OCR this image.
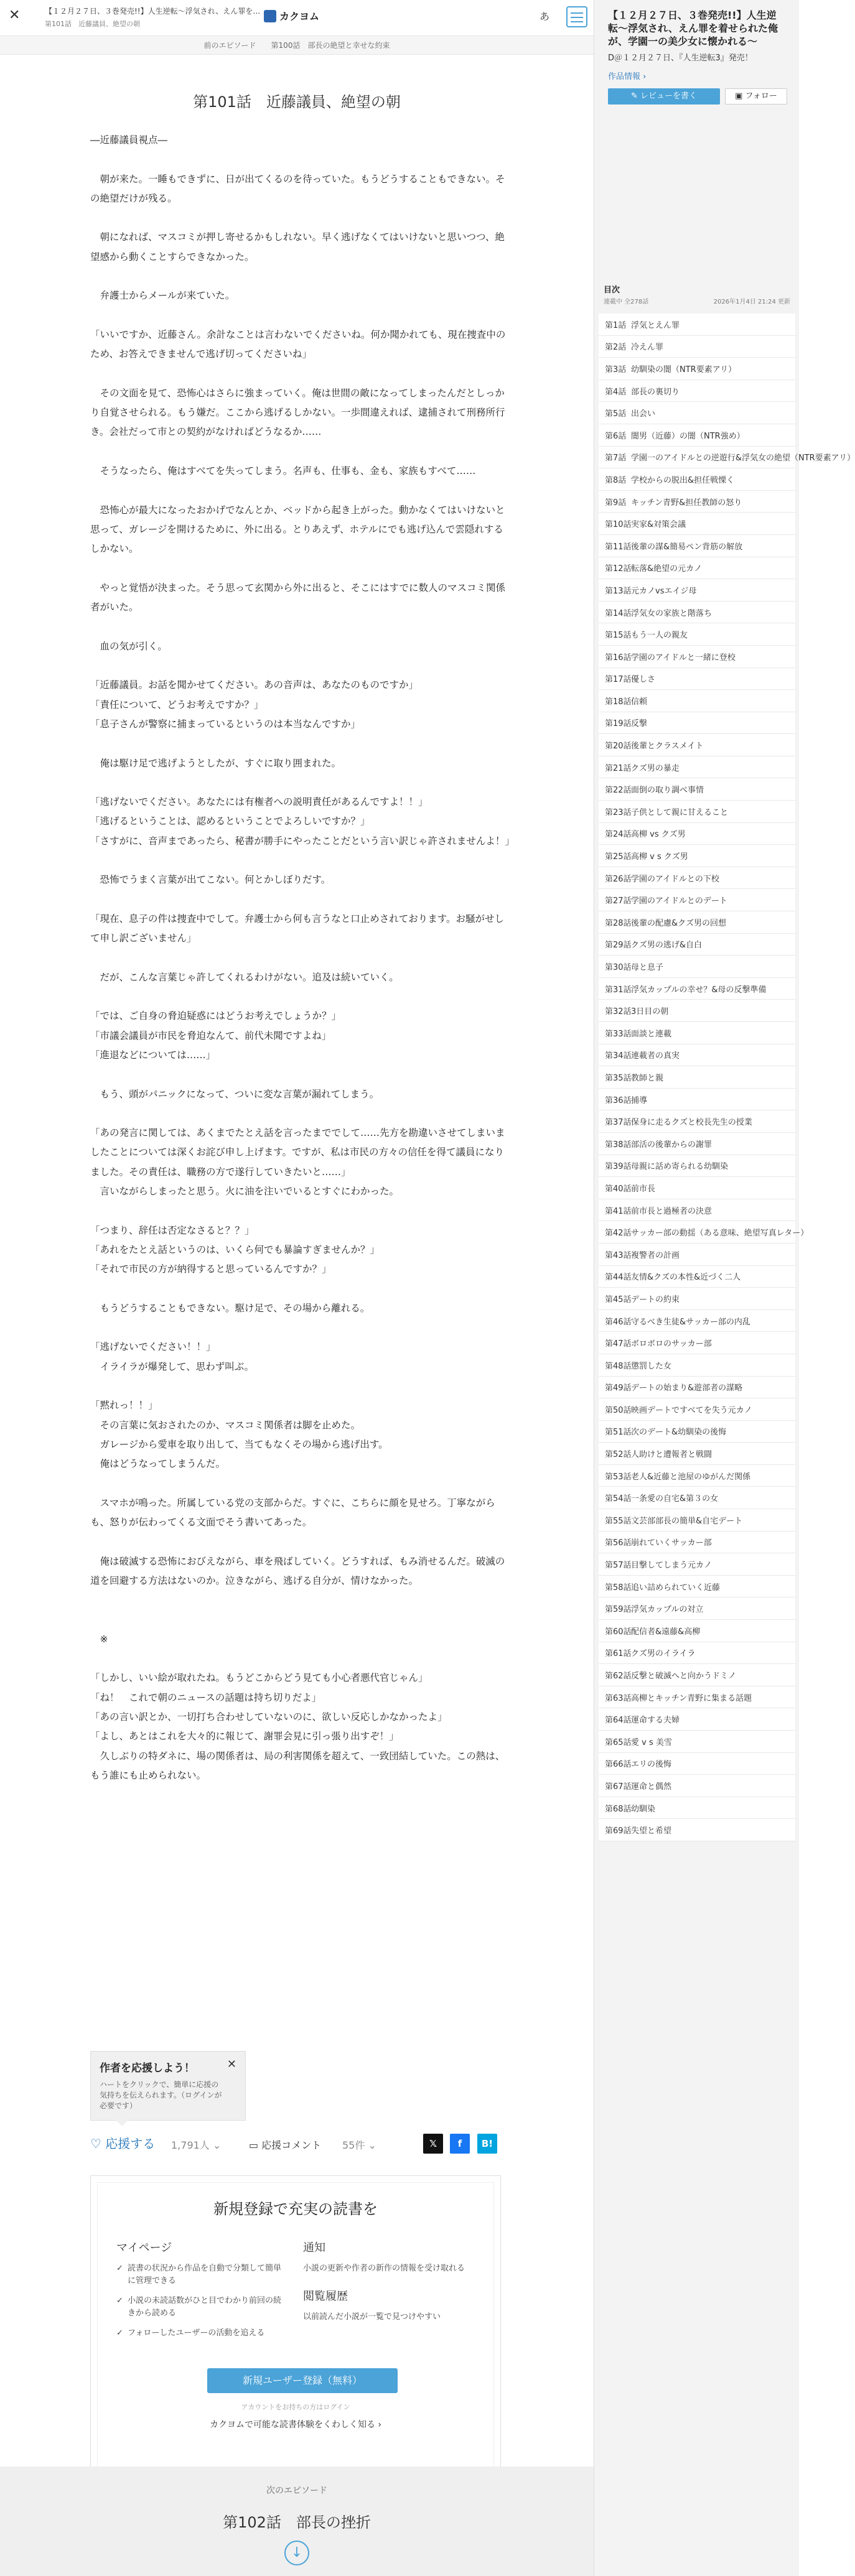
✕	【１２月２７日、３巻発売!!】人生逆転〜浮気され、えん罪を…
第101話　近藤議員、絶望の朝
カクヨム	あ
前のエピソード 第100話　部長の絶望と幸せな約束
第101話　近藤議員、絶望の朝

―近藤議員視点―

　朝が来た。一睡もできずに、日が出てくるのを待っていた。もうどうすることもできない。その絶望だけが残る。

　朝になれば、マスコミが押し寄せるかもしれない。早く逃げなくてはいけないと思いつつ、絶望感から動くことすらできなかった。

　弁護士からメールが来ていた。

「いいですか、近藤さん。余計なことは言わないでくださいね。何か聞かれても、現在捜査中のため、お答えできませんで逃げ切ってくださいね」

　その文面を見て、恐怖心はさらに強まっていく。俺は世間の敵になってしまったんだとしっかり自覚させられる。もう嫌だ。ここから逃げるしかない。一歩間違えれば、逮捕されて刑務所行き。会社だって市との契約がなければどうなるか……

　そうなったら、俺はすべてを失ってしまう。名声も、仕事も、金も、家族もすべて……

　恐怖心が最大になったおかげでなんとか、ベッドから起き上がった。動かなくてはいけないと思って、ガレージを開けるために、外に出る。とりあえず、ホテルにでも逃げ込んで雲隠れするしかない。

　やっと覚悟が決まった。そう思って玄関から外に出ると、そこにはすでに数人のマスコミ関係者がいた。

　血の気が引く。

「近藤議員。お話を聞かせてください。あの音声は、あなたのものですか」

「責任について、どうお考えですか？」

「息子さんが警察に捕まっているというのは本当なんですか」

　俺は駆け足で逃げようとしたが、すぐに取り囲まれた。

「逃げないでください。あなたには有権者への説明責任があるんですよ！！」

「逃げるということは、認めるということでよろしいですか？」

「さすがに、音声まであったら、秘書が勝手にやったことだという言い訳じゃ許されませんよ！」

　恐怖でうまく言葉が出てこない。何とかしぼりだす。

「現在、息子の件は捜査中でして。弁護士から何も言うなと口止めされております。お騒がせして申し訳ございません」

　だが、こんな言葉じゃ許してくれるわけがない。追及は続いていく。

「では、ご自身の脅迫疑惑にはどうお考えでしょうか？」

「市議会議員が市民を脅迫なんて、前代未聞ですよね」

「進退などについては……」

　もう、頭がパニックになって、ついに変な言葉が漏れてしまう。

「あの発言に関しては、あくまでたとえ話を言ったまででして……先方を勘違いさせてしまいましたことについては深くお詫び申し上げます。ですが、私は市民の方々の信任を得て議員になりました。その責任は、職務の方で遂行していきたいと……」

　言いながらしまったと思う。火に油を注いでいるとすぐにわかった。

「つまり、辞任は否定なさると？？」

「あれをたとえ話というのは、いくら何でも暴論すぎませんか？」

「それで市民の方が納得すると思っているんですか？」

　もうどうすることもできない。駆け足で、その場から離れる。

「逃げないでください！！」

　イライラが爆発して、思わず叫ぶ。

「黙れっ！！」

　その言葉に気おされたのか、マスコミ関係者は脚を止めた。

　ガレージから愛車を取り出して、当てもなくその場から逃げ出す。

　俺はどうなってしまうんだ。

　スマホが鳴った。所属している党の支部からだ。すぐに、こちらに顔を見せろ。丁寧ながらも、怒りが伝わってくる文面でそう書いてあった。

　俺は破滅する恐怖におびえながら、車を飛ばしていく。どうすれば、もみ消せるんだ。破滅の道を回避する方法はないのか。泣きながら、逃げる自分が、情けなかった。

　※

「しかし、いい絵が取れたね。もうどこからどう見ても小心者悪代官じゃん」

「ね！　これで朝のニュースの話題は持ち切りだよ」

「あの言い訳とか、一切打ち合わせしていないのに、欲しい反応しかなかったよ」

「よし、あとはこれを大々的に報じて、謝罪会見に引っ張り出すぞ！」

　久しぶりの特ダネに、場の関係者は、局の利害関係を超えて、一致団結していた。この熱は、もう誰にも止められない。

作者を応援しよう！

ハートをクリックで、簡単に応援の気持ちを伝えられます。（ログインが必要です）

✕
♡ 応援する 1,791人 ⌄	▭ 応援コメント 55件 ⌄	𝕏	f	B!
新規登録で充実の読書を
マイページ
✓ 読書の状況から作品を自動で分類して簡単に管理できる
✓ 小説の未読話数がひと目でわかり前回の続きから読める
✓ フォローしたユーザーの活動を追える
通知

小説の更新や作者の新作の情報を受け取れる

閲覧履歴

以前読んだ小説が一覧で見つけやすい

新規ユーザー登録（無料）
アカウントをお持ちの方はログイン
カクヨムで可能な読書体験をくわしく知る ›
次のエピソード
第102話　部長の挫折
↓
【１２月２７日、３巻発売!!】人生逆転〜浮気され、えん罪を着せられた俺が、学園一の美少女に懐かれる〜
D＠１２月２７日、『人生逆転3』発売！
作品情報 ›
✎ レビューを書く	▣ フォロー
目次
連載中 全278話	2026年1月4日 21:24 更新
第1話 浮気とえん罪
第2話 冷えん罪
第3話 幼馴染の闇（NTR要素アリ）
第4話 部長の裏切り
第5話 出会い
第6話 闇男（近藤）の闇（NTR強め）
第7話 学園一のアイドルとの逆遊行&浮気女の絶望（NTR要素アリ）
第8話 学校からの脱出&担任戦慄く
第9話 キッチン青野&担任教師の怒り
第10話 実家&対策会議
第11話 後輩の謀&簡易ペン背筋の解放
第12話 転落&絶望の元カノ
第13話 元カノvsエイジ母
第14話 浮気女の家族と階落ち
第15話 もう一人の親友
第16話 学園のアイドルと一緒に登校
第17話 優しさ
第18話 信頼
第19話 反撃
第20話 後輩とクラスメイト
第21話 クズ男の暴走
第22話 面倒の取り調べ事情
第23話 子供として親に甘えること
第24話 高柳 vs クズ男
第25話 高柳 v s クズ男
第26話 学園のアイドルとの下校
第27話 学園のアイドルとのデート
第28話 後輩の配慮&クズ男の回想
第29話 クズ男の逃げ&自白
第30話 母と息子
第31話 浮気カップルの幸せ？&母の反撃準備
第32話 3日目の朝
第33話 面談と連載
第34話 連載者の真実
第35話 教師と親
第36話 捕導
第37話 保身に走るクズと校長先生の授業
第38話 部活の後輩からの謝罪
第39話 母親に話め寄られる幼馴染
第40話 前市長
第41話 前市長と過極者の決意
第42話 サッカー部の動揺（ある意味、絶望写真レター）
第43話 複警者の計画
第44話 友情&クズの本性&近づく二人
第45話 デートの約束
第46話 守るべき生徒&サッカー部の内乱
第47話 ボロボロのサッカー部
第48話 懲罰した女
第49話 デートの始まり&遊部者の謀略
第50話 映画デートですべてを失う元カノ
第51話 次のデート&幼馴染の後悔
第52話 人助けと遭報者と戦闘
第53話 老人&近藤と池屋のゆがんだ関係
第54話 一条愛の自宅&第３の女
第55話 文芸部部長の簡単&自宅デート
第56話 崩れていくサッカー部
第57話 目撃してしまう元カノ
第58話 追い詰められていく近藤
第59話 浮気カップルの対立
第60話 配信者&遠藤&高柳
第61話 クズ男のイライラ
第62話 反撃と破滅へと向かうドミノ
第63話 高柳とキッチン青野に集まる話題
第64話 運命する夫婦
第65話 愛 v s 美雪
第66話 エリの後悔
第67話 運命と偶然
第68話 幼馴染
第69話 失望と希望
